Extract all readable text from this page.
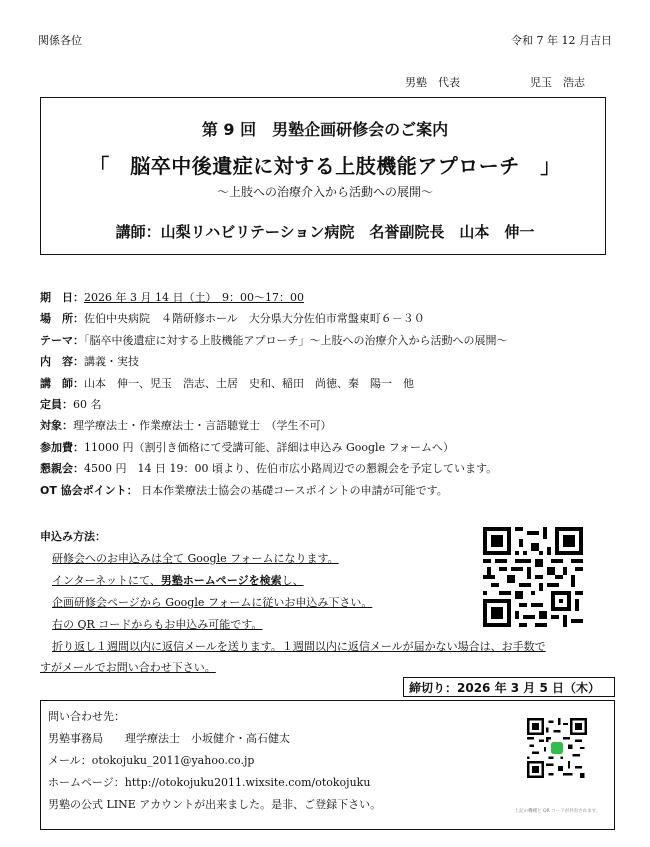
関係各位	令和 7 年 12 月吉日
男塾　代表	児玉　浩志
第 9 回　男塾企画研修会のご案内
「　脳卒中後遺症に対する上肢機能アプローチ　」
～上肢への治療介入から活動への展開～
講師：山梨リハビリテーション病院　名誉副院長　山本　伸一
期　日：2026 年 3 月 14 日（土）　9：00～17：00
場　所：佐伯中央病院　４階研修ホール　大分県大分佐伯市常盤東町６－３０
テーマ：「脳卒中後遺症に対する上肢機能アプローチ」～上肢への治療介入から活動への展開～
内　容：講義・実技
講　師：山本　伸一、児玉　浩志、土居　史和、稲田　尚徳、秦　陽一　他
定員：60 名
対象：理学療法士・作業療法士・言語聴覚士　（学生不可）
参加費：11000 円（割引き価格にて受講可能、詳細は申込み Google フォームへ）
懇親会：4500 円　14 日 19：00 頃より、佐伯市広小路周辺での懇親会を予定しています。
OT 協会ポイント： 日本作業療法士協会の基礎コースポイントの申請が可能です。
申込み方法：
研修会へのお申込みは全て Google フォームになります。
インターネットにて、男塾ホームページを検索し、
企画研修会ページから Google フォームに従いお申込み下さい。
右の QR コードからもお申込み可能です。
折り返し１週間以内に返信メールを送ります。１週間以内に返信メールが届かない場合は、お手数で
すがメールでお問い合わせ下さい。
締切り：2026 年 3 月 5 日（木）
問い合わせ先：
男塾事務局　　理学療法士　小坂健介・高石健太
メール：otokojuku_2011@yahoo.co.jp
ホームページ：http://otokojuku2011.wixsite.com/otokojuku
男塾の公式 LINE アカウントが出来ました。是非、ご登録下さい。
上記の機種と QR コードが共有されます。
